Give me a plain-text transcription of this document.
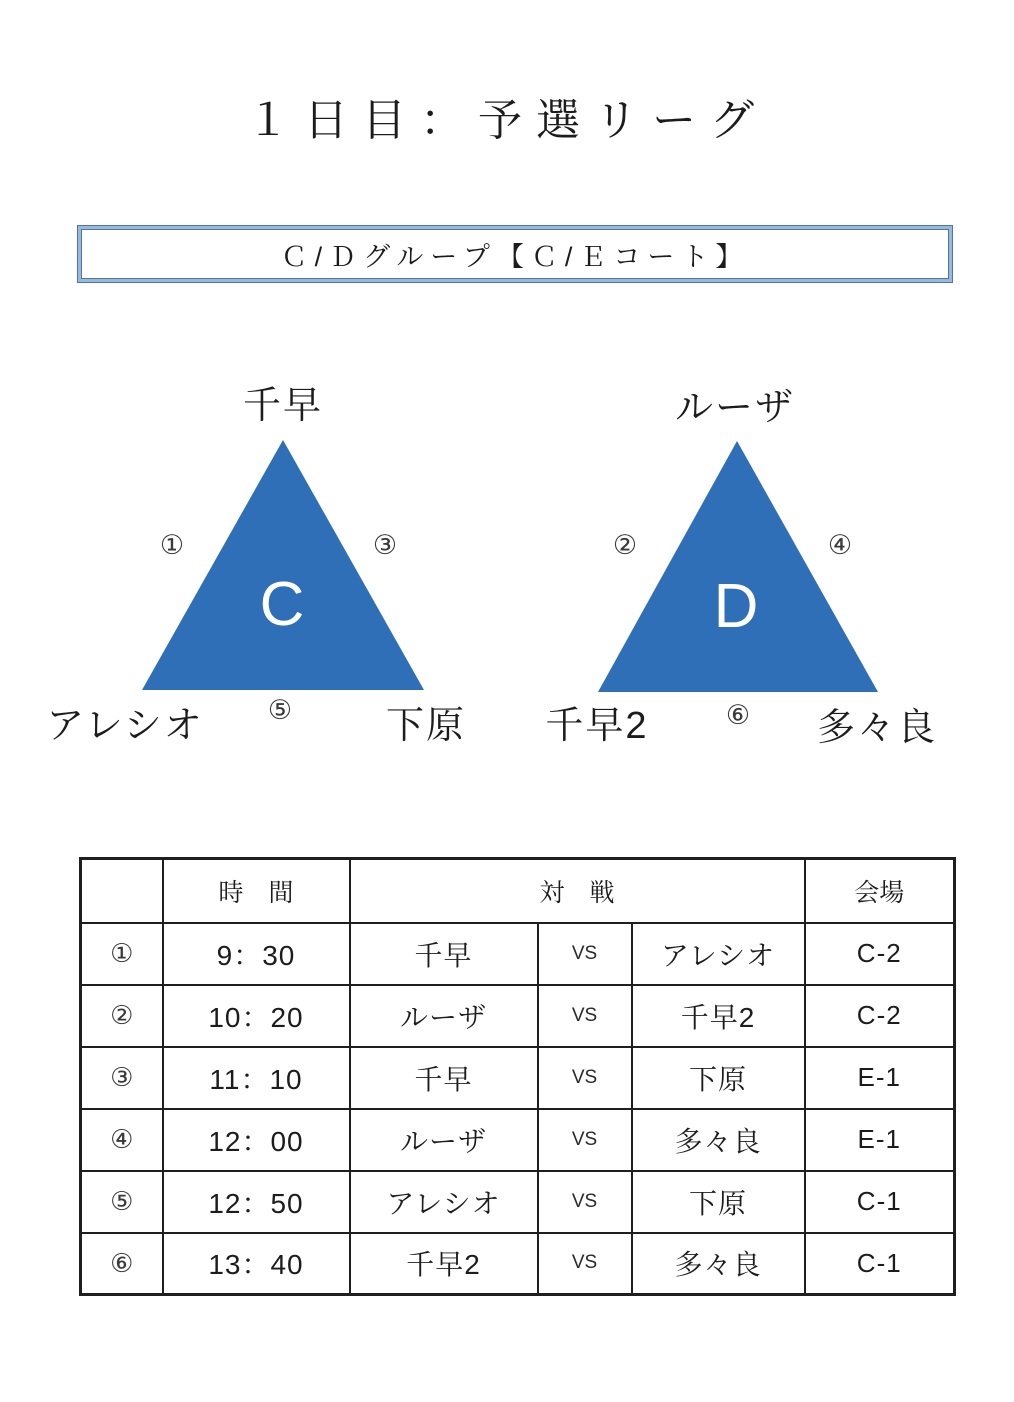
１日目：予選リーグ
Ｃ/Ｄグループ【Ｃ/Ｅコート】
C
千早
アレシオ	下原
①	③
⑤
D
ルーザ
千早2	多々良
②	④
⑥
	時　間	対　戦			会場
①	9：30	千早	VS	アレシオ	C-2
②	10：20	ルーザ	VS	千早2	C-2
③	11：10	千早	VS	下原	E-1
④	12：00	ルーザ	VS	多々良	E-1
⑤	12：50	アレシオ	VS	下原	C-1
⑥	13：40	千早2	VS	多々良	C-1
